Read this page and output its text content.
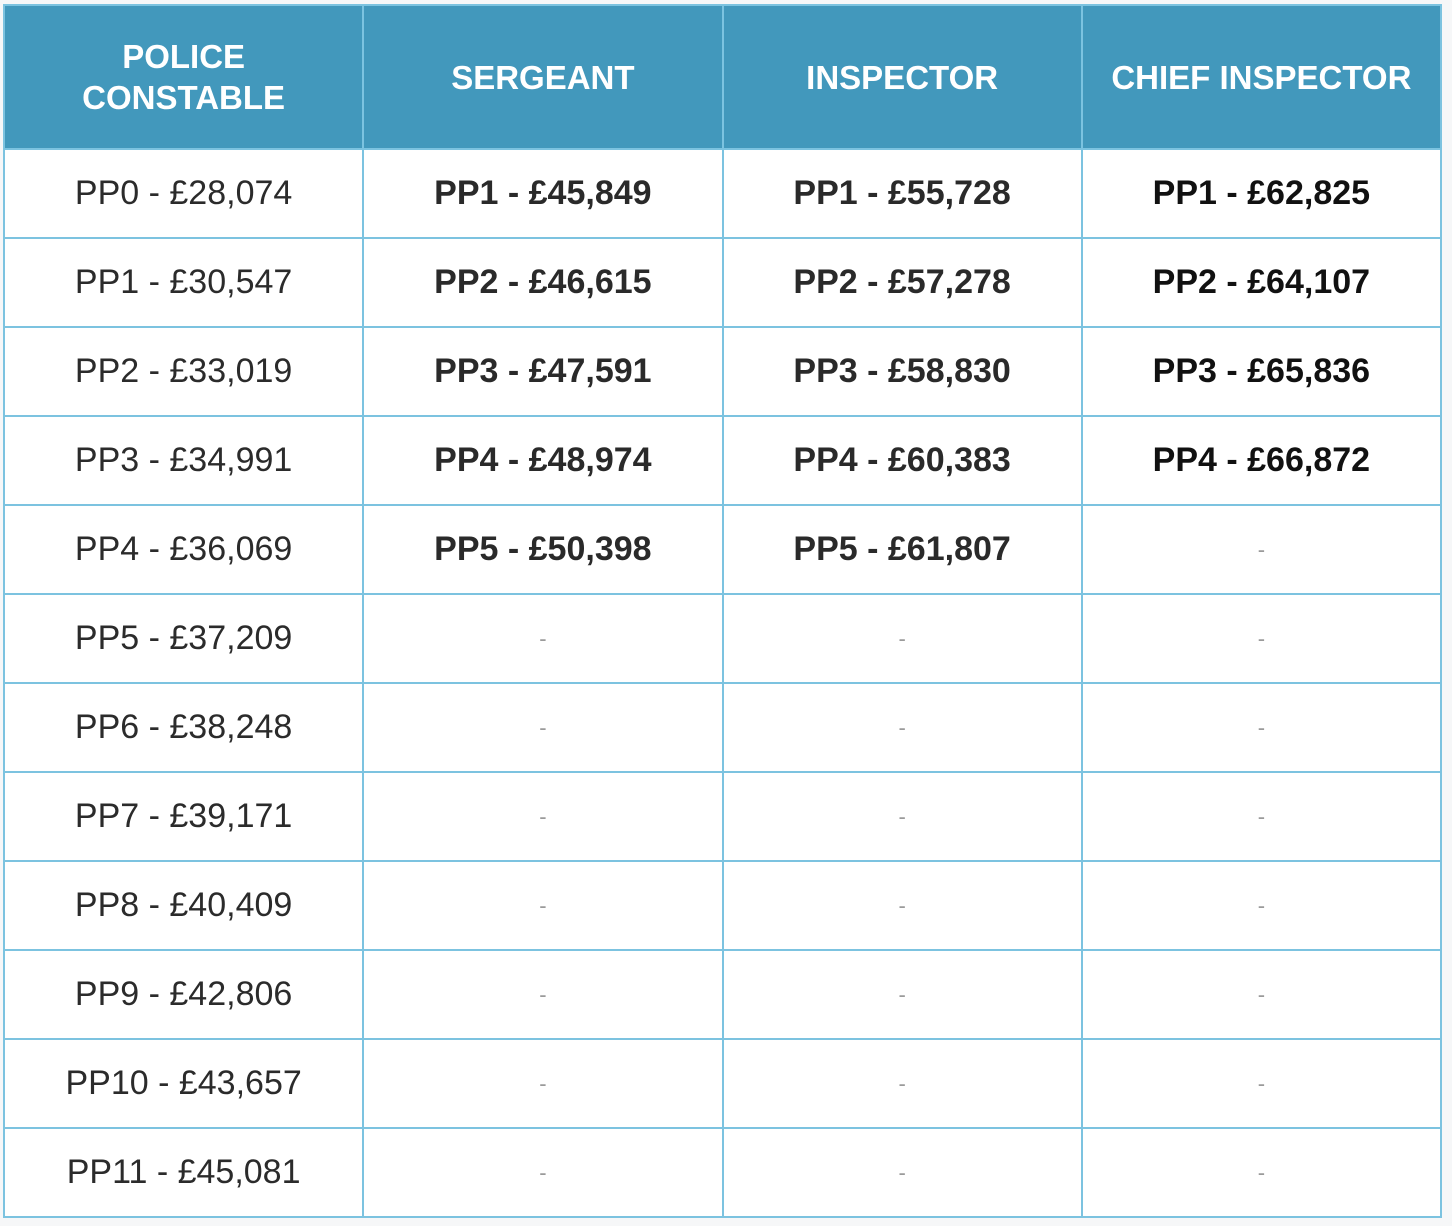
POLICE CONSTABLE	SERGEANT	INSPECTOR	CHIEF INSPECTOR
PP0 - £28,074	PP1 - £45,849	PP1 - £55,728	PP1 - £62,825
PP1 - £30,547	PP2 - £46,615	PP2 - £57,278	PP2 - £64,107
PP2 - £33,019	PP3 - £47,591	PP3 - £58,830	PP3 - £65,836
PP3 - £34,991	PP4 - £48,974	PP4 - £60,383	PP4 - £66,872
PP4 - £36,069	PP5 - £50,398	PP5 - £61,807	-
PP5 - £37,209	-	-	-
PP6 - £38,248	-	-	-
PP7 - £39,171	-	-	-
PP8 - £40,409	-	-	-
PP9 - £42,806	-	-	-
PP10 - £43,657	-	-	-
PP11 - £45,081	-	-	-
